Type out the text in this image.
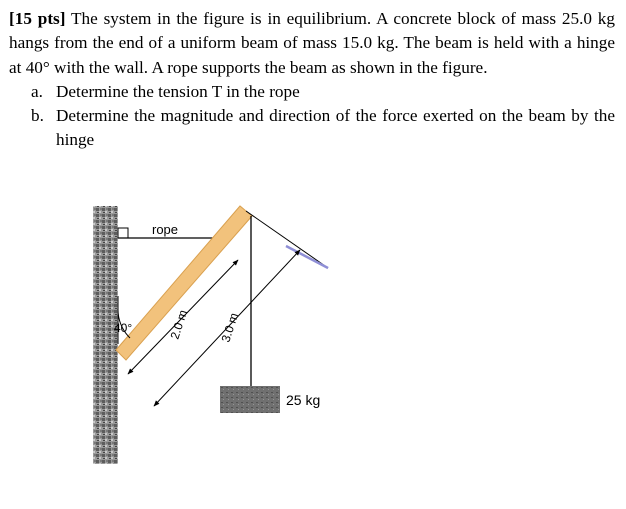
[15 pts] The system in the figure is in equilibrium. A concrete block of mass 25.0 kg hangs from the end of a uniform beam of mass 15.0 kg. The beam is held with a hinge at 40° with the wall. A rope supports the beam as shown in the figure.

a. Determine the tension T in the rope
b. Determine the magnitude and direction of the force exerted on the beam by the hinge
rope
40°	2.0 m 3.0 m
25 kg
